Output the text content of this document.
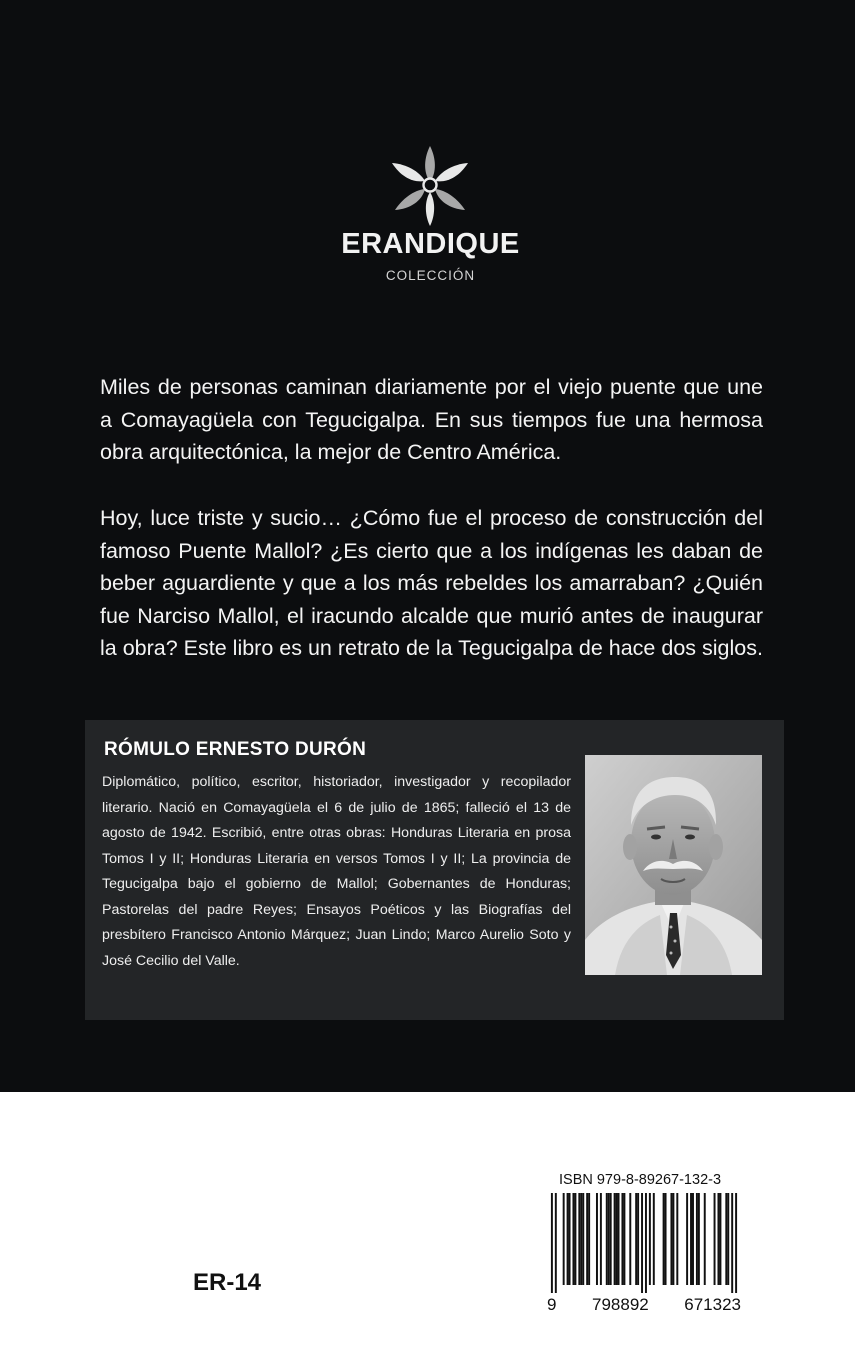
ERANDIQUE
COLECCIÓN

Miles de personas caminan diariamente por el viejo puente que une a Comayagüela con Tegucigalpa. En sus tiempos fue una hermosa obra arquitectónica, la mejor de Centro América.

Hoy, luce triste y sucio… ¿Cómo fue el proceso de construcción del famoso Puente Mallol? ¿Es cierto que a los indígenas les daban de beber aguardiente y que a los más rebeldes los amarraban? ¿Quién fue Narciso Mallol, el iracundo alcalde que murió antes de inaugurar la obra? Este libro es un retrato de la Tegucigalpa de hace dos siglos.

RÓMULO ERNESTO DURÓN

Diplomático, político, escritor, historiador, investigador y recopilador literario. Nació en Comayagüela el 6 de julio de 1865; falleció el 13 de agosto de 1942. Escribió, entre otras obras: Honduras Literaria en prosa Tomos I y II; Honduras Literaria en versos Tomos I y II; La provincia de Tegucigalpa bajo el gobierno de Mallol; Gobernantes de Honduras; Pastorelas del padre Reyes; Ensayos Poéticos y las Biografías del presbítero Francisco Antonio Márquez; Juan Lindo; Marco Aurelio Soto y José Cecilio del Valle.

ER-14
ISBN 979-8-89267-132-3
9 798892 671323
